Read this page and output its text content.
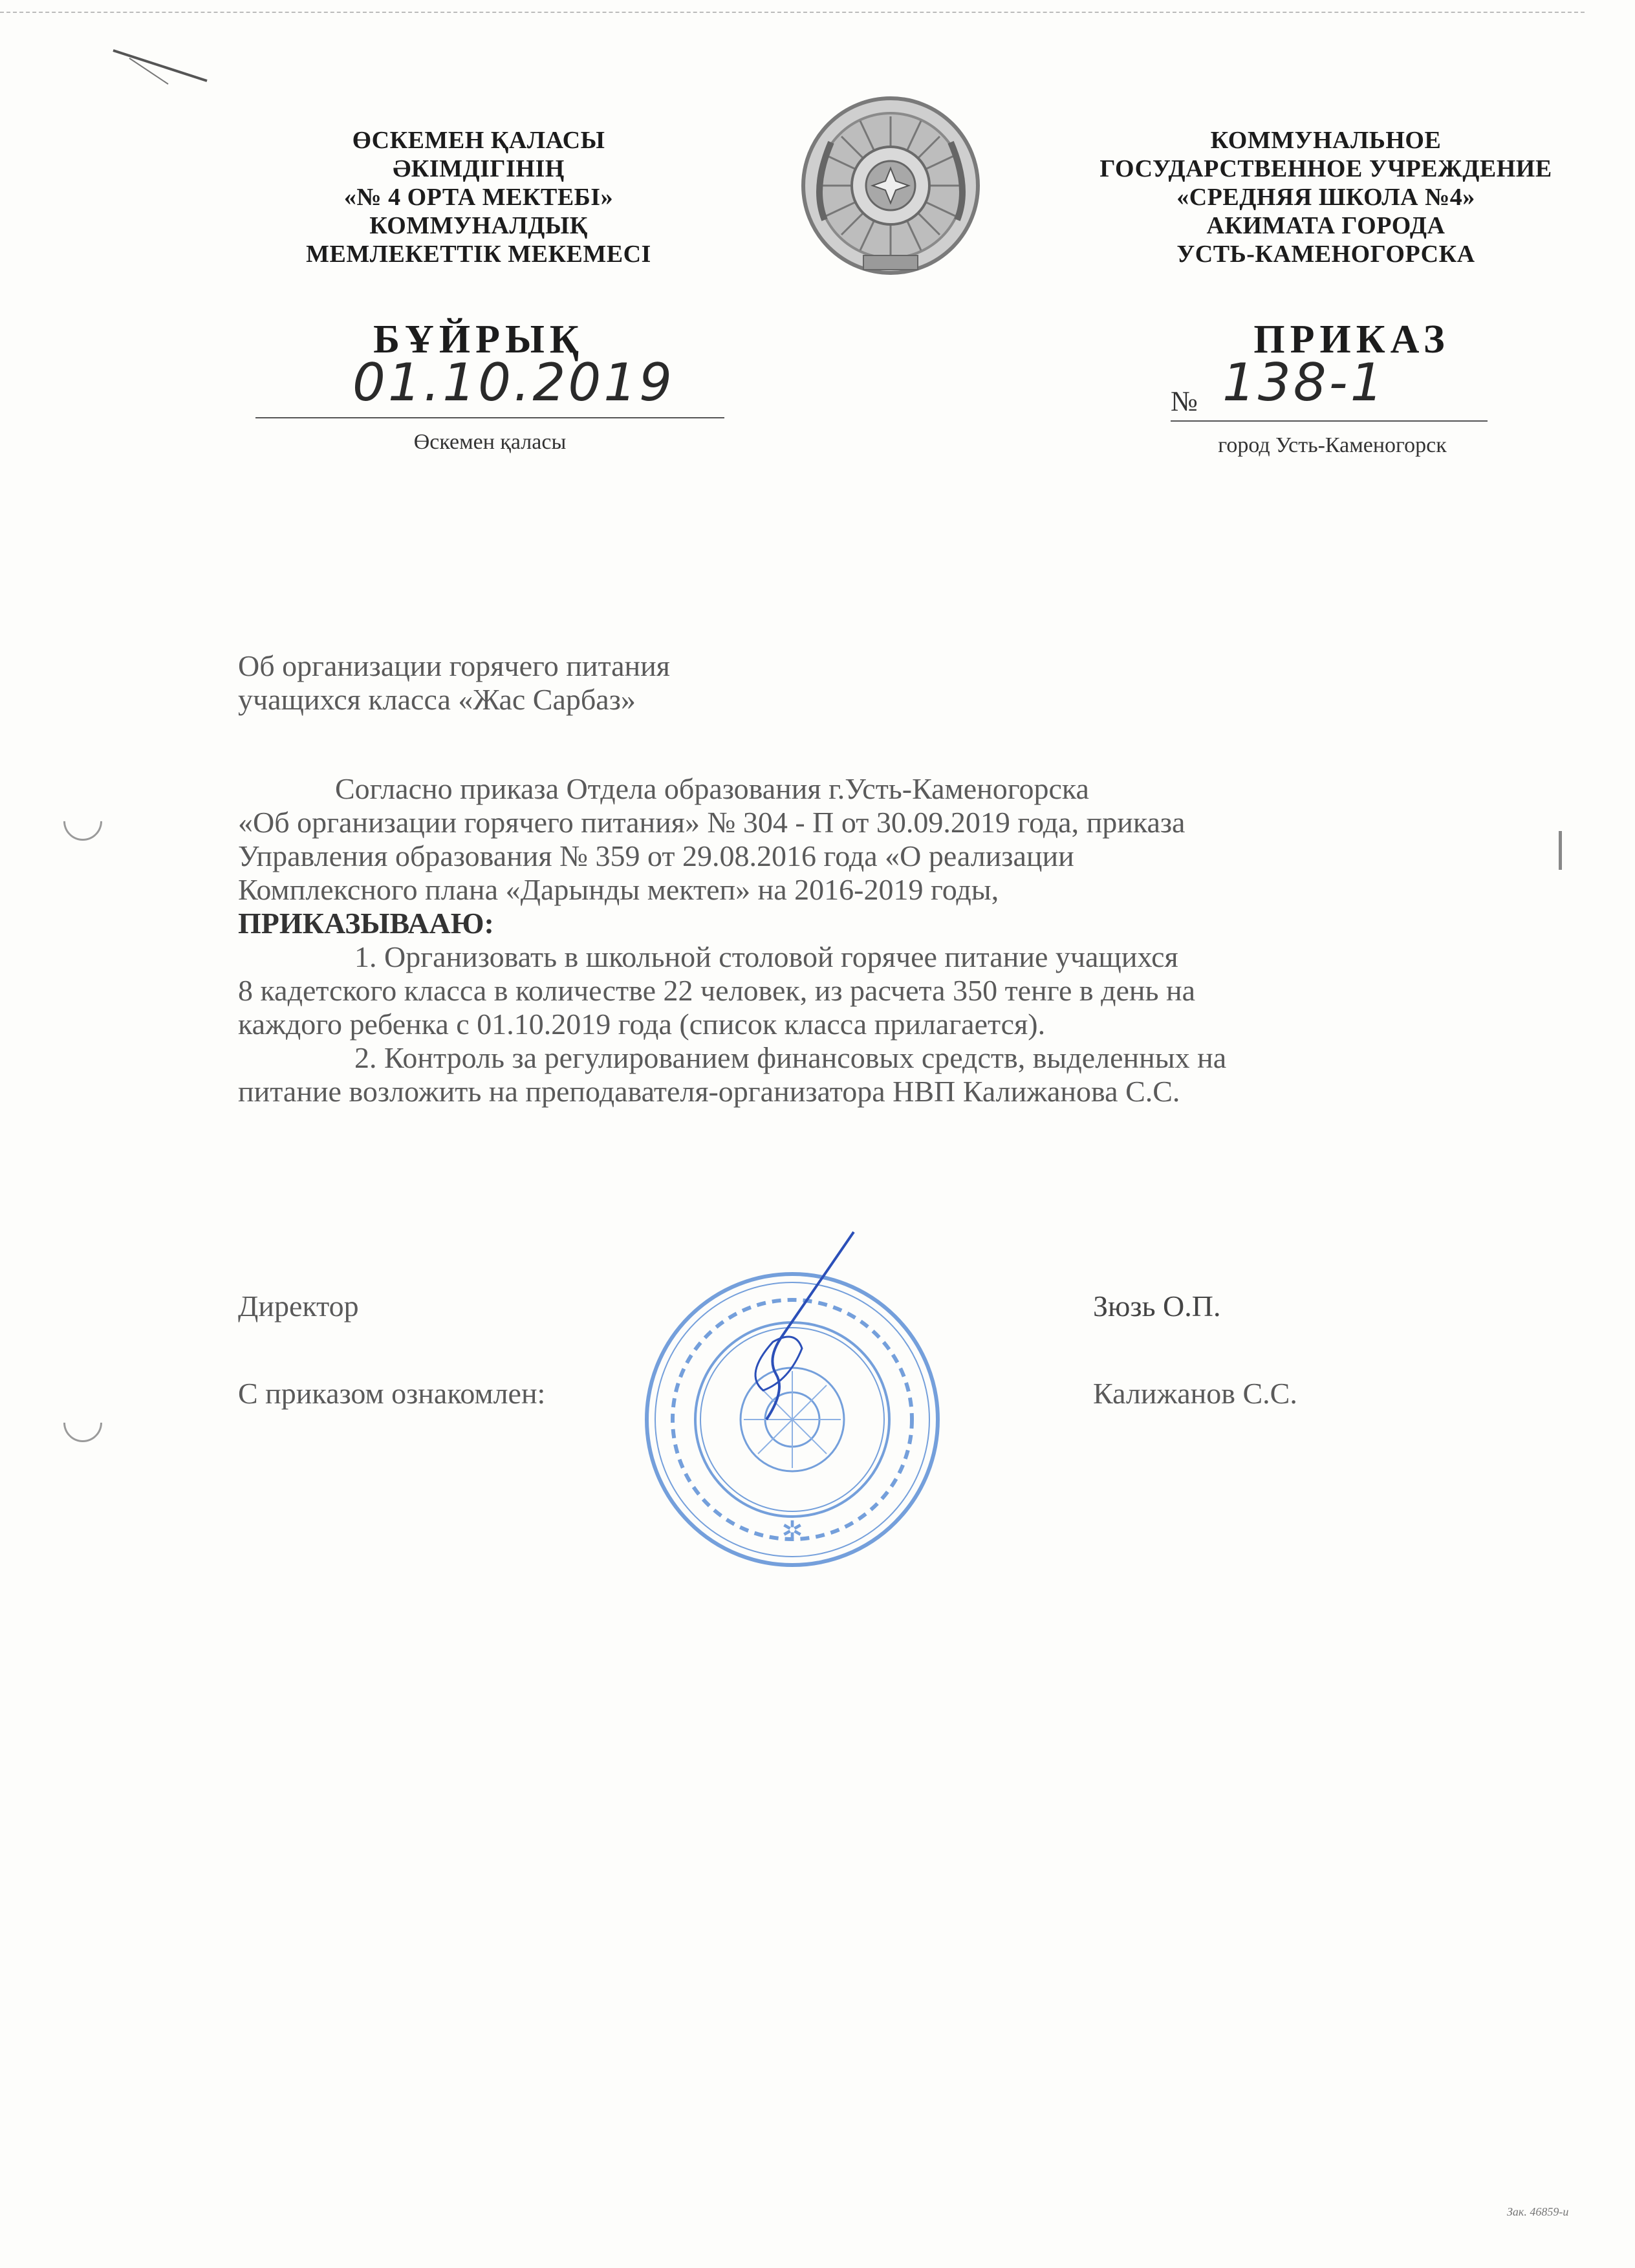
ӨСКЕМЕН ҚАЛАСЫ
ӘКІМДІГІНІҢ
«№ 4 ОРТА МЕКТЕБІ»
КОММУНАЛДЫҚ
МЕМЛЕКЕТТІК МЕКЕМЕСІ
КОММУНАЛЬНОЕ
ГОСУДАРСТВЕННОЕ УЧРЕЖДЕНИЕ
«СРЕДНЯЯ ШКОЛА №4»
АКИМАТА ГОРОДА
УСТЬ-КАМЕНОГОРСКА
БҰЙРЫҚ	ПРИКАЗ
01.10.2019
Өскемен қаласы
№ 138-1
город Усть-Каменогорск
Об организации горячего питания
учащихся класса «Жас Сарбаз»
Согласно приказа Отдела образования г.Усть-Каменогорска
«Об организации горячего питания» № 304 - П от 30.09.2019 года, приказа
Управления образования № 359 от 29.08.2016 года «О реализации
Комплексного плана «Дарынды мектеп» на 2016-2019 годы,
ПРИКАЗЫВААЮ:
1. Организовать в школьной столовой горячее питание учащихся
8 кадетского класса в количестве 22 человек, из расчета 350 тенге в день на
каждого ребенка с 01.10.2019 года (список класса прилагается).
2. Контроль за регулированием финансовых средств, выделенных на
питание возложить на преподавателя-организатора НВП Калижанова С.С.
Директор	Зюзь О.П.
С приказом ознакомлен:	Калижанов С.С.
✲
Зак. 46859-и
